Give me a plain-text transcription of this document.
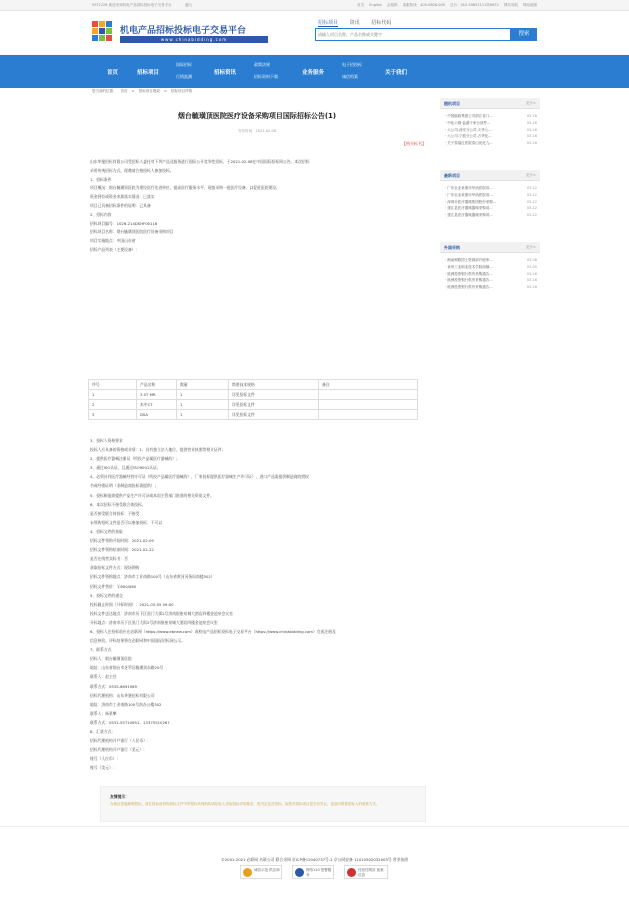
09T1226 欢迎来到机电产品招标投标电子交易平台	退出	首页 English 企服码 客服热线：400-0806-000 总台：010-59851111转6672 网站导航 网站地图
机电产品招标投标电子交易平台
www.chinabidding.com
招标项目 资讯 招标代码
请输入项目名称、产品名称或关键字
搜索
首页	招标项目
国际招标
行情监测
招标资讯
政策法规
招标资料下载
业务服务
电子招投标
诚信档案
关于我们
您当前的位置： 首页 > 招标项目搜索 > 招标项目详情
烟台毓璜顶医院医疗设备采购项目国际招标公告(1)
发布时间：2021-02-08
【购买标书】

山东华鉴招标有限公司受招标人委托对下列产品及服务进行国际公开竞争性招标，于2021-02-08在中国国际招标网公告。本次招标

采用传统招标方式，现邀请合格投标人参加投标。

1、招标条件

项目概况：烟台毓璜顶医院为建设医疗先进单位，提高医疗服务水平，现拟采购一批医疗设备，以促进医院建设。

资金到位或资金来源落实情况：已落实

项目已具备招标条件的说明：已具备

2、招标内容

招标项目编号：1026-214DSHF00116

招标项目名称：烟台毓璜顶医院医疗设备采购项目

项目实施地点：中国山东省

招标产品列表（主要设备）：

序号	产品名称	数量	简要技术规格	备注
1	3.0T MR	1	详见招标文件	
2	术中CT	1	详见招标文件	
3	DSA	1	详见招标文件	

3、投标人资格要求

投标人应具备的资格或业绩：1、具有独立法人地位，提供营业执照等相关证件；

2、提供医疗器械注册证（所投产品属医疗器械的）；

3、通过ISO认证，且通过ISO9001认证；

4、必须具有医疗器械经营许可证（所投产品属医疗器械的），厂家投标提供医疗器械生产许可证），进口产品需提供制造商的授权

书或经销证明（非制造商投标需提供）；

5、投标制造商提供产品生产许可证或本国主管部门批准的相关资质文件。

6、本次招标不接受联合体投标。

是否接受联合体投标：不接受

未领购招标文件是否可以参加投标：不可以

4、招标文件的获取

招标文件领购开始时间：2021-02-09

招标文件领购结束时间：2021-02-22

是否在线售卖标书：否

获取招标文件方式：现场领购

招标文件领购地点：济南市工业南路100号（山东省黄河河务局南楼302）

招标文件售价：￥800/$80

5、投标文件的递交

投标截止时间（开标时间）：2021-03-05 09:00

投标文件送达地点：济南市历下区黑门大街2号济南银座泉城大酒店四楼金池泉会议室

开标地点：济南市历下区黑门大街2号济南银座泉城大酒店四楼金池泉会议室

6、投标人在投标前应在必联网（https://www.ebnew.com）或机电产品招标投标电子交易平台（https://www.chinabidding.com）完成注册及

信息核验。评标结果将在必联网和中国国际招标网公示。

7、联系方式

招标人：烟台毓璜顶医院

地址：山东省烟台市芝罘区毓璜顶东路20号

联系人：赵主任

联系方式：0535-6691989

招标代理机构：山东华鉴招标有限公司

地址：济南市工业南路100号南办公楼302

联系人：杨景攀

联系方式：0531-55710651、13375510267

8、汇款方式：

招标代理机构开户银行（人民币）：

招标代理机构开户银行（美元）：

账号（人民币）：

账号（美元）：

友情提示：
为保证您能顺利投标，请在投标前咨询招标文件中的招标代理机构或招标人咨询投标详细要求，再决定是否投标。如您对招标项目是否有异议，请及时联系招标人的联系方式。
随机项目	更多>
· 中国邮政集团公司浙江省门...	03-16
· 中化六棉·盐湖于家台部件...	03-16
· 六公司-西安分公司-天华公...	03-16
· 六公司-宁波分公司-万华化...	03-16
· 关于泰福红医院泰山优化九...	03-16
最新项目	更多>
· 广东农业泉康市华油医院项...	03-12
· 广东农业泉康市华油医院项...	03-12
· 深圳市医疗器械集团股份采购...	03-12
· 建江县医疗器械器械采购项...	03-12
· 建江县医疗器械器械采购项...	03-12
外国采购	更多>
· 湘南铜路国土资源部开展审...	03-08
· 泉州工业职业技术学院南铺...	03-05
· 欧洲投资银行供货采购通告...	03-16
· 欧洲投资银行供货采购通告...	03-16
· 欧洲投资银行供货采购通告...	03-16
©2001-2021 必联网 名联公司 联合采网 京ICP备12040737号-1 京公网安备 11010502032003号 营业执照
诚信示范 供应商	网络110 报警服务
经营性网站 备案信息
